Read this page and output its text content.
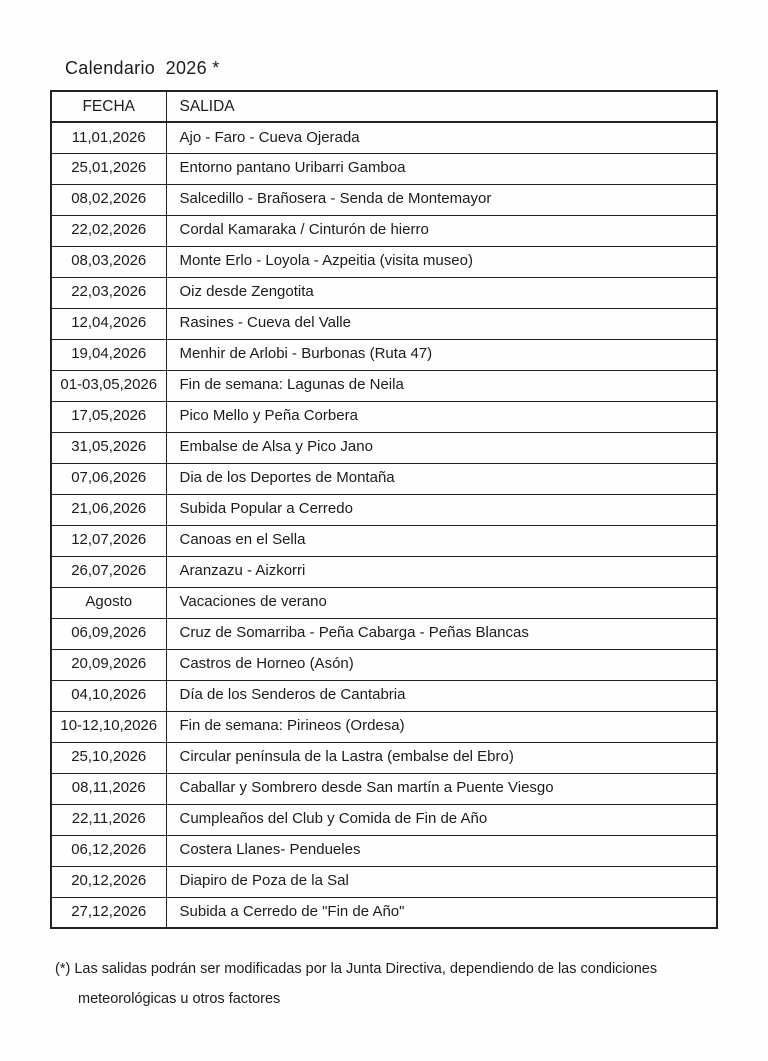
Calendario  2026 *
FECHA	SALIDA
11,01,2026	Ajo - Faro - Cueva Ojerada
25,01,2026	Entorno pantano Uribarri Gamboa
08,02,2026	Salcedillo - Brañosera - Senda de Montemayor
22,02,2026	Cordal Kamaraka / Cinturón de hierro
08,03,2026	Monte Erlo - Loyola - Azpeitia (visita museo)
22,03,2026	Oiz desde Zengotita
12,04,2026	Rasines - Cueva del Valle
19,04,2026	Menhir de Arlobi - Burbonas (Ruta 47)
01-03,05,2026	Fin de semana: Lagunas de Neila
17,05,2026	Pico Mello y Peña Corbera
31,05,2026	Embalse de Alsa y Pico Jano
07,06,2026	Dia de los Deportes de Montaña
21,06,2026	Subida Popular a Cerredo
12,07,2026	Canoas en el Sella
26,07,2026	Aranzazu - Aizkorri
Agosto	Vacaciones de verano
06,09,2026	Cruz de Somarriba - Peña Cabarga - Peñas Blancas
20,09,2026	Castros de Horneo (Asón)
04,10,2026	Día de los Senderos de Cantabria
10-12,10,2026	Fin de semana: Pirineos (Ordesa)
25,10,2026	Circular península de la Lastra (embalse del Ebro)
08,11,2026	Caballar y Sombrero desde San martín a Puente Viesgo
22,11,2026	Cumpleaños del Club y Comida de Fin de Año
06,12,2026	Costera Llanes- Pendueles
20,12,2026	Diapiro de Poza de la Sal
27,12,2026	Subida a Cerredo de "Fin de Año"

(*) Las salidas podrán ser modificadas por la Junta Directiva, dependiendo de las condiciones
meteorológicas u otros factores
